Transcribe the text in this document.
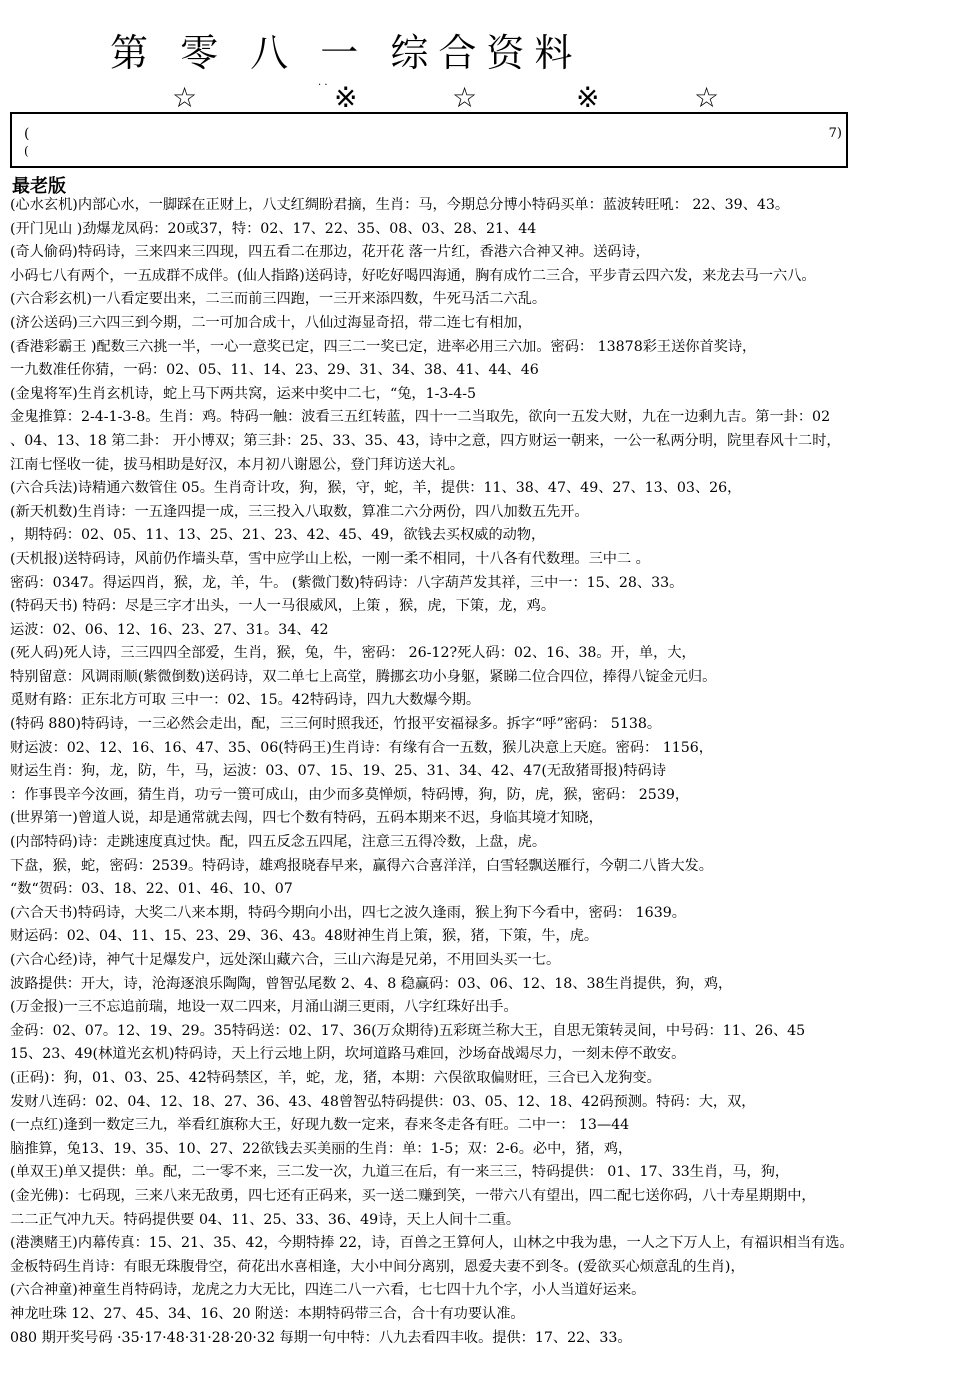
第 零 八 一 综合资料
· ·
☆	※	☆	※	☆
(
(
7)
最老版
(心水玄机)内部心水，一脚踩在正财上，八丈红绸盼君摘，生肖：马，今期总分博小特码买单：蓝波转旺吼： 22、39、43。
(开门见山 )劲爆龙凤码：20或37，特：02、17、22、35、08、03、28、21、44
(奇人偷码)特码诗，三来四来三四现，四五看二在那边，花开花 落一片红，香港六合神又神。送码诗，
小码七八有两个，一五成群不成伴。(仙人指路)送码诗，好吃好喝四海通，胸有成竹二三合，平步青云四六发，来龙去马一六八。
(六合彩玄机)一八看定要出来，二三而前三四跑，一三开来添四数，牛死马活二六乱。
(济公送码)三六四三到今期，二一可加合成十，八仙过海显奇招，带二连七有相加，
(香港彩霸王 )配数三六挑一半，一心一意奖已定，四三二一奖已定，进率必用三六加。密码： 13878彩王送你首奖诗，
一九数准任你猜，一码：02、05、11、14、23、29、31、34、38、41、44、46
(金鬼将军)生肖玄机诗，蛇上马下两共窝，运来中奖中二七，“兔，1-3-4-5
金鬼推算：2-4-1-3-8。生肖：鸡。特码一触：波看三五红转蓝，四十一二当取先，欲向一五发大财，九在一边剩九吉。第一卦：02
、04、13、18 第二卦： 开小博双；第三卦：25、33、35、43，诗中之意，四方财运一朝来，一公一私两分明，院里春风十二时，
江南七怪收一徒，拔马相助是好汉，本月初八谢恩公，登门拜访送大礼。
(六合兵法)诗精通六数管住 05。生肖奇计攻，狗，猴，守，蛇，羊，提供：11、38、47、49、27、13、03、26，
(新天机数)生肖诗：一五逢四提一成，三三投入八取数，算准二六分两份，四八加数五先开。
，期特码：02、05、11、13、25、21、23、42、45、49，欲钱去买权威的动物，
(天机报)送特码诗，风前仍作墙头草，雪中应学山上松，一刚一柔不相同，十八各有代数理。三中二 。
密码：0347。得运四肖，猴，龙，羊，牛。 (紫微门数)特码诗：八字葫芦发其祥，三中一：15、28、33。
(特码天书) 特码：尽是三字才出头，一人一马很威风，上策 ，猴，虎，下策，龙，鸡。
运波：02、06、12、16、23、27、31。34、42
(死人码)死人诗，三三四四全部爱，生肖，猴，兔，牛，密码： 26-12?死人码：02、16、38。开，单，大，
特别留意：风调雨顺(紫微倒数)送码诗，双二单七上高堂，腾挪玄功小身躯，紧睇二位合四位，捧得八锭金元归。
觅财有路：正东北方可取 三中一：02、15。42特码诗，四九大数爆今期。
(特码 880)特码诗，一三必然会走出，配，三三何时照我还，竹报平安福禄多。拆字“呼”密码： 5138。
财运波：02、12、16、16、47、35、06(特码王)生肖诗：有缘有合一五数，猴儿决意上天庭。密码： 1156，
财运生肖：狗，龙，防，牛，马，运波：03、07、15、19、25、31、34、42、47(无敌猪哥报)特码诗
：作事畏辛今汝画，猜生肖，功亏一篑可成山，由少而多莫惮烦，特码博，狗，防，虎，猴，密码： 2539，
(世界第一)曾道人说，却是通常就去闯，四七个数有特码，五码本期来不迟，身临其境才知晓，
(内部特码)诗：走跳速度真过快。配，四五反念五四尾，注意三五得冷数，上盘，虎。
下盘，猴，蛇，密码：2539。特码诗，雄鸡报晓春早来，赢得六合喜洋洋，白雪轻飘送雁行，今朝二八皆大发。
“数“贺码：03、18、22、01、46、10、07
(六合天书)特码诗，大奖二八来本期，特码今期向小出，四七之波久逢雨，猴上狗下今看中，密码： 1639。
财运码：02、04、11、15、23、29、36、43。48财神生肖上策，猴，猪，下策，牛，虎。
(六合心经)诗，神气十足爆发户，远处深山藏六合，三山六海是兄弟，不用回头买一七。
波路提供：开大，诗，沧海逐浪乐陶陶，曾智弘尾数 2、4、8 稳赢码：03、06、12、18、38生肖提供，狗，鸡，
(万金报)一三不忘追前瑞，地设一双二四来，月涌山湖三更雨，八字红珠好出手。
金码：02、07。12、19、29。35特码送：02、17、36(万众期待)五彩斑兰称大王，自思无策转灵间，中号码：11、26、45
15、23、49(林道光玄机)特码诗，天上行云地上阴，坎坷道路马难回，沙场奋战竭尽力，一刻未停不敢安。
(正码)：狗，01、03、25、42特码禁区，羊，蛇，龙，猪，本期：六俣欲取偏财旺，三合已入龙狗变。
发财八连码：02、04、12、18、27、36、43、48曾智弘特码提供：03、05、12、18、42码预测。特码：大，双，
(一点红)逢到一数定三九，举看红旗称大王，好现九数一定来，春来冬走各有旺。二中一： 13—44
脑推算，兔13、19、35、10、27、22欲钱去买美丽的生肖：单：1-5；双：2-6。必中，猪，鸡，
(单双王)单又提供：单。配，二一零不来，三二发一次，九道三在后，有一来三三，特码提供： 01、17、33生肖，马，狗，
(金光佛)：七码现，三来八来无敌勇，四七还有正码来，买一送二赚到笑，一带六八有望出，四二配七送你码，八十寿星期期中，
二二正气冲九天。特码提供要 04、11、25、33、36、49诗，天上人间十二重。
(港澳赌王)内幕传真：15、21、35、42，今期特捧 22，诗，百兽之王算何人，山林之中我为患，一人之下万人上，有福识相当有选。
金板特码生肖诗：有眼无珠腹骨空，荷花出水喜相逢，大小中间分离别，恩爱夫妻不到冬。(爱欲买心烦意乱的生肖)，
(六合神童)神童生肖特码诗，龙虎之力大无比，四连二八一六看，七七四十九个字，小人当道好运来。
神龙吐珠 12、27、45、34、16、20 附送：本期特码带三合，合十有功要认准。
080 期开奖号码 ·35·17·48·31·28·20·32 每期一句中特：八九去看四丰收。提供：17、22、33。
